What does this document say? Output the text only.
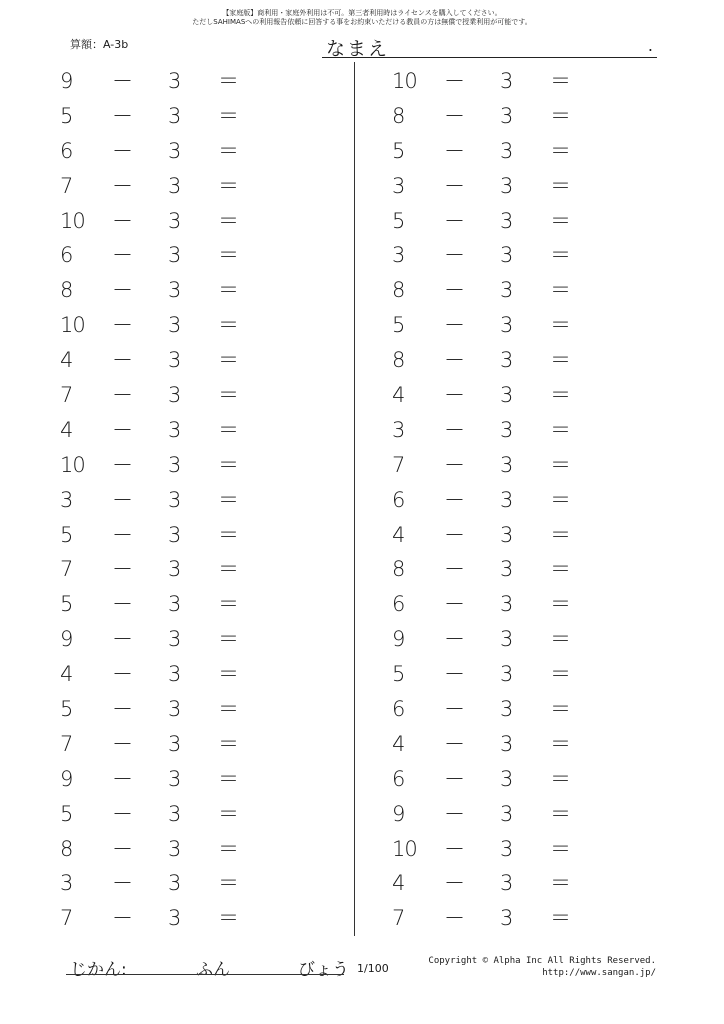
【家庭版】商利用・家庭外利用は不可。第三者利用時はライセンスを購入してください。
ただしSAHIMASへの利用報告依頼に回答する事をお約束いただける教員の方は無償で授業利用が可能です。
算額：A-3b	なまえ	.
9 － 3 ＝
5 － 3 ＝
6 － 3 ＝
7 － 3 ＝
10 － 3 ＝
6 － 3 ＝
8 － 3 ＝
10 － 3 ＝
4 － 3 ＝
7 － 3 ＝
4 － 3 ＝
10 － 3 ＝
3 － 3 ＝
5 － 3 ＝
7 － 3 ＝
5 － 3 ＝
9 － 3 ＝
4 － 3 ＝
5 － 3 ＝
7 － 3 ＝
9 － 3 ＝
5 － 3 ＝
8 － 3 ＝
3 － 3 ＝
7 － 3 ＝
10 － 3 ＝
8 － 3 ＝
5 － 3 ＝
3 － 3 ＝
5 － 3 ＝
3 － 3 ＝
8 － 3 ＝
5 － 3 ＝
8 － 3 ＝
4 － 3 ＝
3 － 3 ＝
7 － 3 ＝
6 － 3 ＝
4 － 3 ＝
8 － 3 ＝
6 － 3 ＝
9 － 3 ＝
5 － 3 ＝
6 － 3 ＝
4 － 3 ＝
6 － 3 ＝
9 － 3 ＝
10 － 3 ＝
4 － 3 ＝
7 － 3 ＝
じかん:	ふん	びょう 1/100
Copyright © Alpha Inc All Rights Reserved.
http://www.sangan.jp/
